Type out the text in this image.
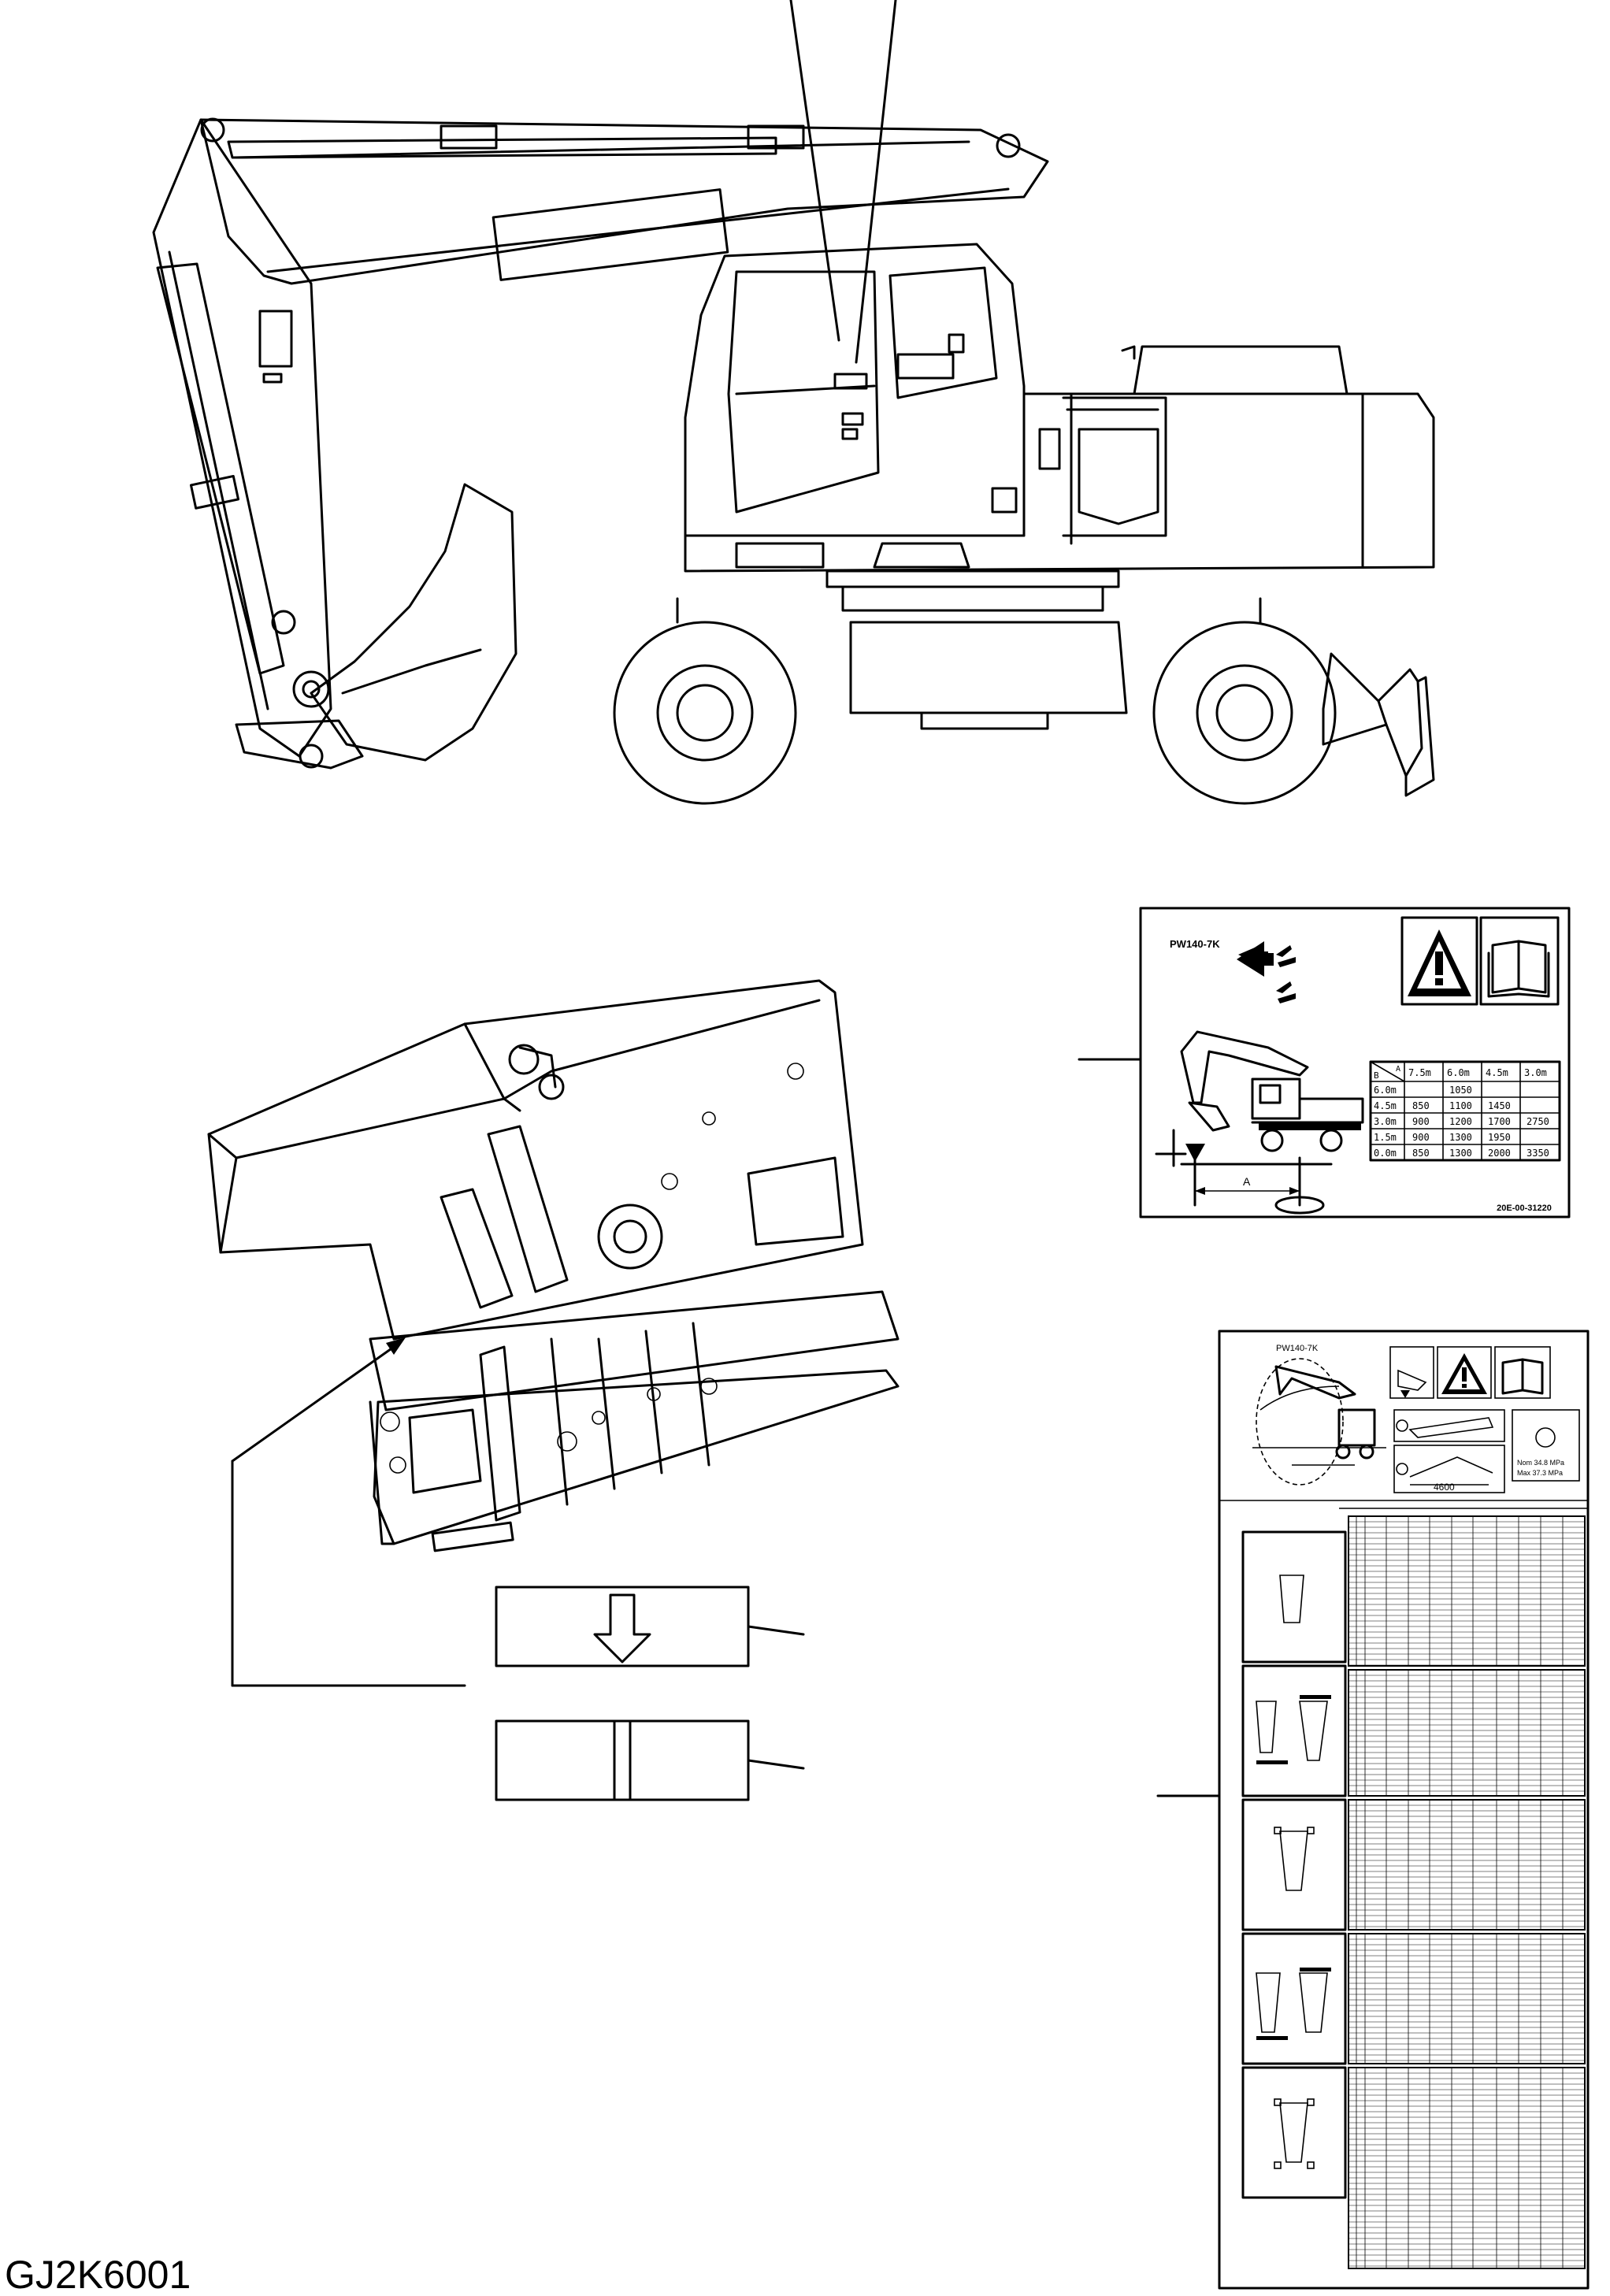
PW140-7K
A
B
A 7.5m 6.0m 4.5m 3.0m
6.0m	1050
4.5m 850 1100 1450
3.0m 900 1200 1700 2750
1.5m 900 1300 1950
0.0m 850 1300 2000 3350
20E-00-31220
PW140-7K
Nom 34.8 MPa
Max 37.3 MPa
4600
GJ2K6001
